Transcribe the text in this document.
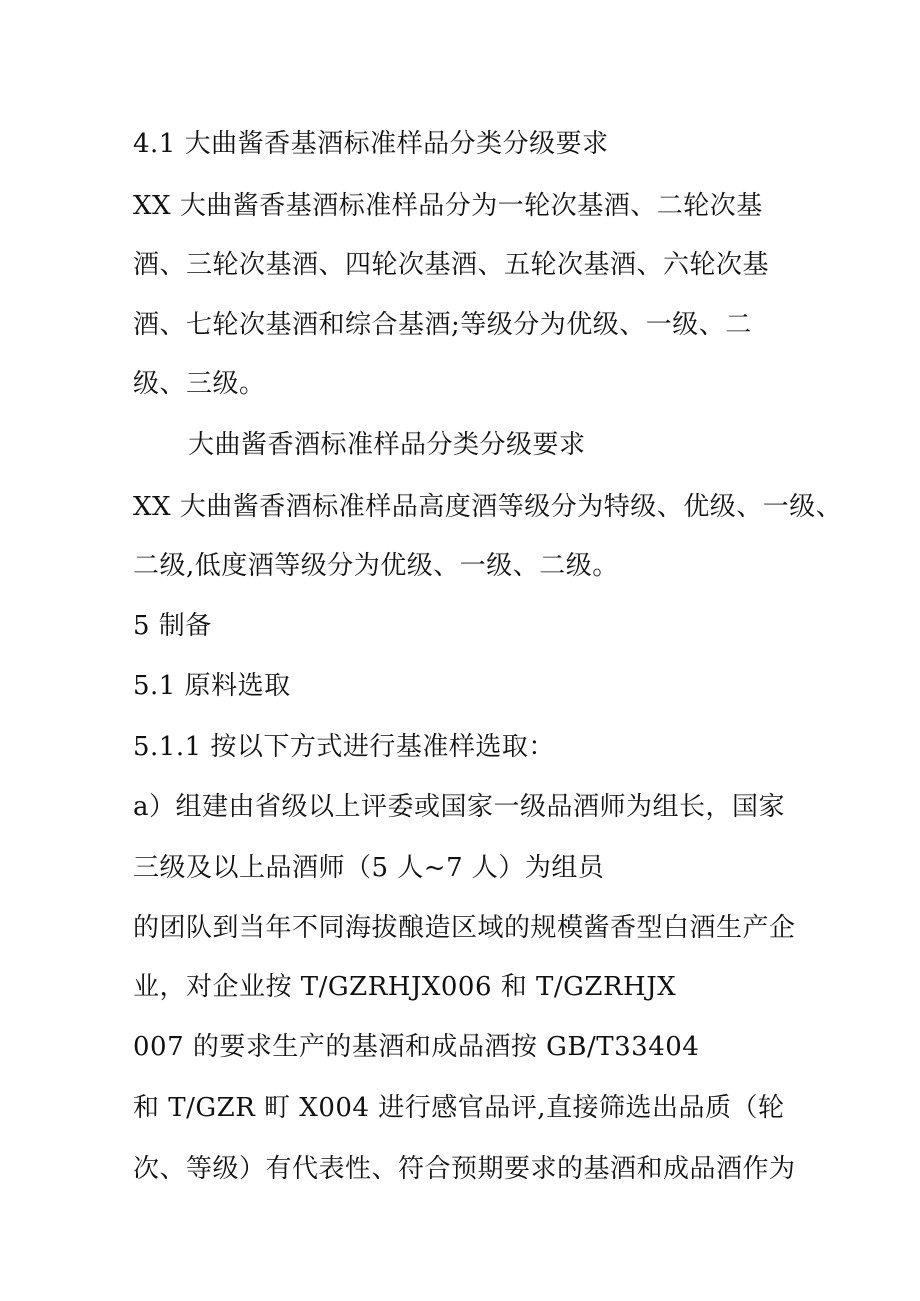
4.1 大曲酱香基酒标准样品分类分级要求
XX 大曲酱香基酒标准样品分为一轮次基酒、二轮次基
酒、三轮次基酒、四轮次基酒、五轮次基酒、六轮次基
酒、七轮次基酒和综合基酒;等级分为优级、一级、二
级、三级。
大曲酱香酒标准样品分类分级要求
XX 大曲酱香酒标准样品高度酒等级分为特级、优级、一级、
二级,低度酒等级分为优级、一级、二级。
5 制备
5.1 原料选取
5.1.1 按以下方式进行基准样选取：
a）组建由省级以上评委或国家一级品酒师为组长，国家
三级及以上品酒师（5 人~7 人）为组员
的团队到当年不同海拔酿造区域的规模酱香型白酒生产企
业，对企业按 T/GZRHJX006 和 T/GZRHJX
007 的要求生产的基酒和成品酒按 GB/T33404
和 T/GZR 町 X004 进行感官品评,直接筛选出品质（轮
次、等级）有代表性、符合预期要求的基酒和成品酒作为
